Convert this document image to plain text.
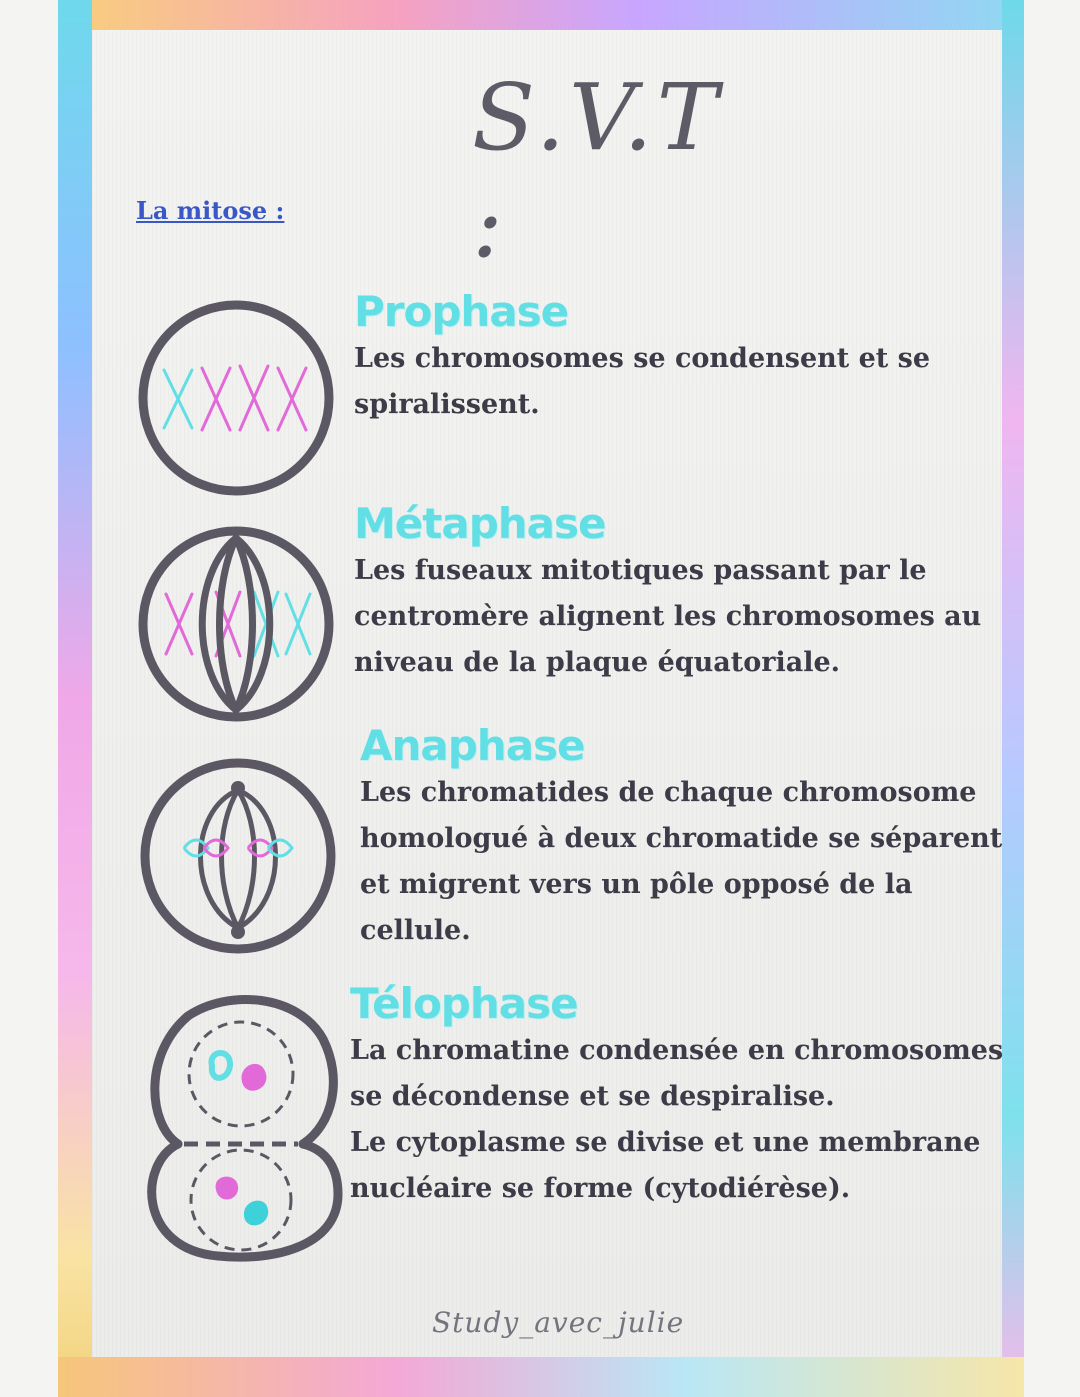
S.V.T :
La mitose :
Prophase
Les chromosomes se condensent et se
spiralissent.
Métaphase
Les fuseaux mitotiques passant par le
centromère alignent les chromosomes au
niveau de la plaque équatoriale.
Anaphase
Les chromatides de chaque chromosome
homologué à deux chromatide se séparent
et migrent vers un pôle opposé de la cellule.
Télophase
La chromatine condensée en chromosomes
se décondense et se despiralise.
Le cytoplasme se divise et une membrane
nucléaire se forme (cytodiérèse).
Study_avec_julie
